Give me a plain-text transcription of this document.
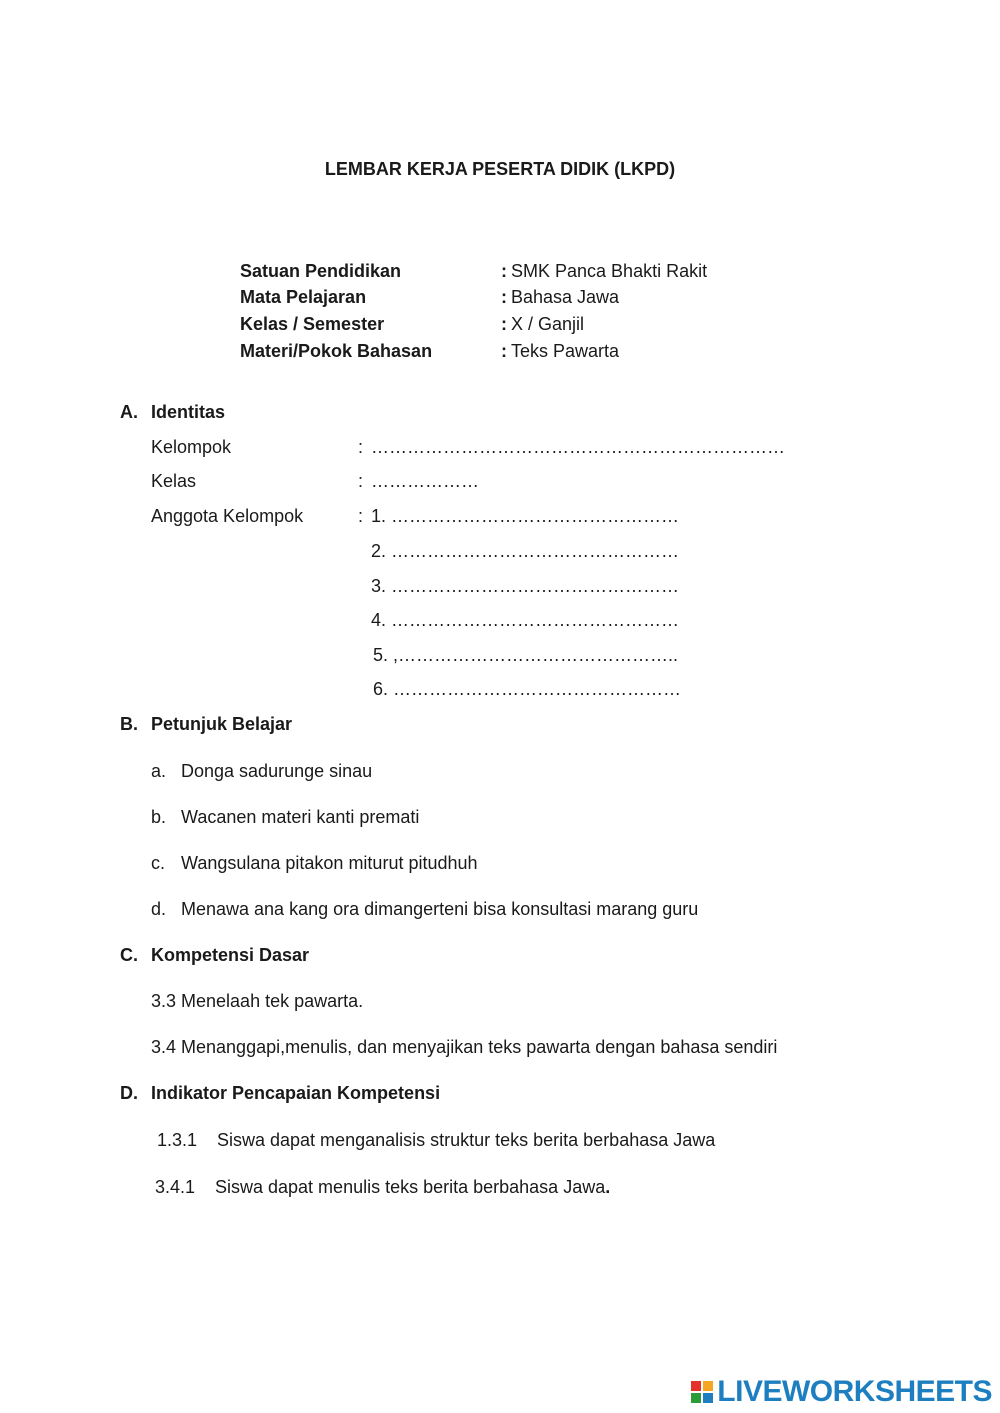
LEMBAR KERJA PESERTA DIDIK (LKPD)
Satuan Pendidikan	: SMK Panca Bhakti Rakit
Mata Pelajaran	: Bahasa Jawa
Kelas / Semester	: X / Ganjil
Materi/Pokok Bahasan	: Teks Pawarta
A. Identitas
Kelompok	: ……………………………………………………………
Kelas	: ………………
Anggota Kelompok	: 1. …………………………………………
2. …………………………………………
3. …………………………………………
4. …………………………………………
5. ,………………………………………..
6. …………………………………………
B. Petunjuk Belajar
a. Donga sadurunge sinau
b. Wacanen materi kanti premati
c. Wangsulana pitakon miturut pitudhuh
d. Menawa ana kang ora dimangerteni bisa konsultasi marang guru
C. Kompetensi Dasar
3.3 Menelaah tek pawarta.
3.4 Menanggapi,menulis, dan menyajikan teks pawarta dengan bahasa sendiri
D. Indikator Pencapaian Kompetensi
1.3.1 Siswa dapat menganalisis struktur teks berita berbahasa Jawa
3.4.1 Siswa dapat menulis teks berita berbahasa Jawa.
LIVEWORKSHEETS
